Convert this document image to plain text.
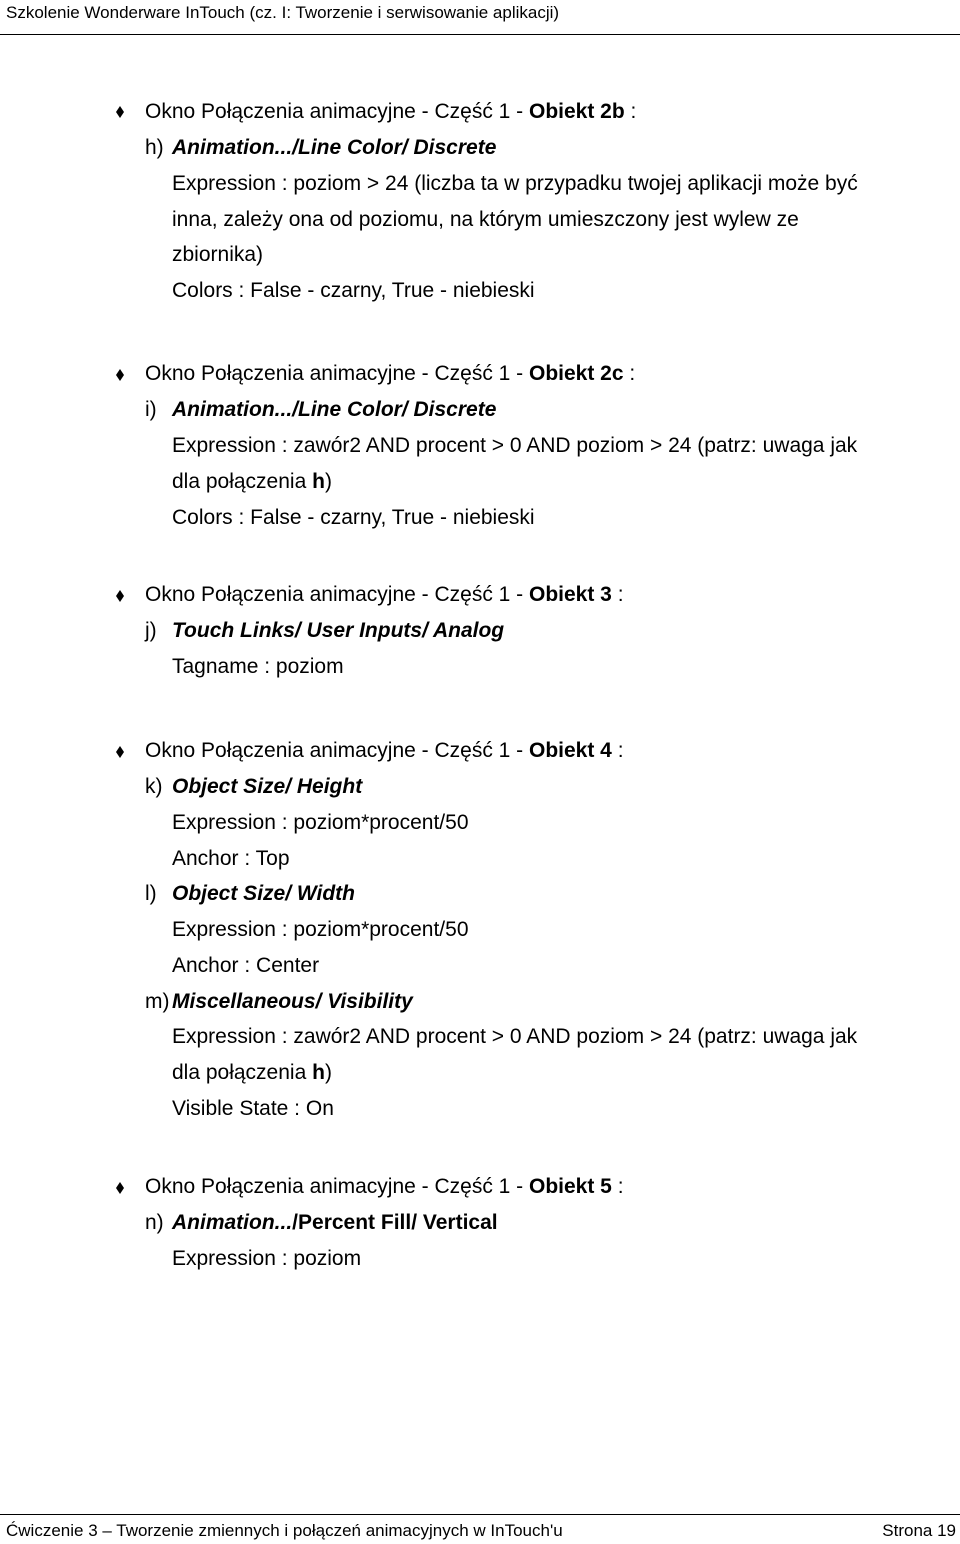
Szkolenie Wonderware InTouch (cz. I: Tworzenie i serwisowanie aplikacji)
Okno Połączenia animacyjne - Część 1 - Obiekt 2b :
h) Animation.../Line Color/ Discrete
Expression : poziom > 24 (liczba ta w przypadku twojej aplikacji może być
inna, zależy ona od poziomu, na którym umieszczony jest wylew ze
zbiornika)
Colors : False - czarny, True - niebieski
Okno Połączenia animacyjne - Część 1 - Obiekt 2c :
i) Animation.../Line Color/ Discrete
Expression : zawór2 AND procent > 0 AND poziom > 24 (patrz: uwaga jak
dla połączenia h)
Colors : False - czarny, True - niebieski
Okno Połączenia animacyjne - Część 1 - Obiekt 3 :
j) Touch Links/ User Inputs/ Analog
Tagname : poziom
Okno Połączenia animacyjne - Część 1 - Obiekt 4 :
k) Object Size/ Height
Expression : poziom*procent/50
Anchor : Top
l) Object Size/ Width
Expression : poziom*procent/50
Anchor : Center
m) Miscellaneous/ Visibility
Expression : zawór2 AND procent > 0 AND poziom > 24 (patrz: uwaga jak
dla połączenia h)
Visible State : On
Okno Połączenia animacyjne - Część 1 - Obiekt 5 :
n) Animation.../Percent Fill/ Vertical
Expression : poziom
Ćwiczenie 3 – Tworzenie zmiennych i połączeń animacyjnych w InTouch'u	Strona 19
